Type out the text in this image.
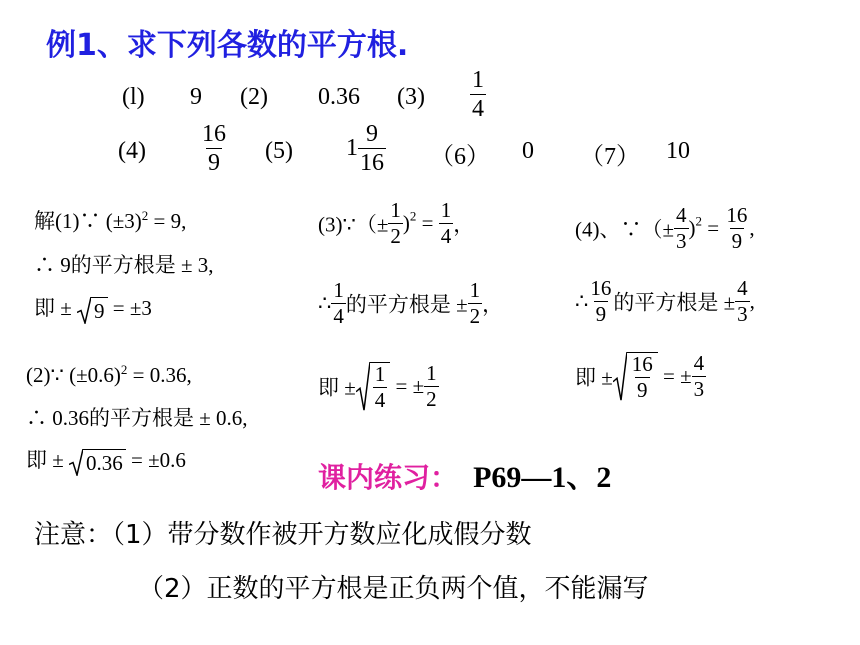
例1、求下列各数的平方根.
(l) 9 (2) 0.36 $(3) \frac{1}{4}$
$(4) \frac{16}{9} (5)$ $1 \frac{9}{16} (6)$ 0 （7） 10
解(1)∵ $(\pm 3)^2 = 9$,
∴ 9的平方根是 ± 3,
即 ± 9 = ±3
(2)∵ $(\pm 0.6)^2 = 0.36$,
∴ 0.36的平方根是 ± 0.6,
即 ± 0.36 = ±0.6
(3)∵（± $\frac{1}{2} )^2 = \frac{1}{4}$ ，
∴ $\frac{1}{4}$ 的平方根是 ± $\frac{1}{2}$ ，
即 ± $\frac{1}{4}$ = ± $\frac{1}{2}$
(4)、∵（± $\frac{4}{3} )^2 = \frac{16}{9}$ ,
∴ $\frac{16}{9}$ 的平方根是 ± $\frac{4}{3}$ ,
即 ± $\frac{16}{9}$ = ± $\frac{4}{3}$
课内练习： P69—1、2
注意：（1）带分数作被开方数应化成假分数
（2）正数的平方根是正负两个值，不能漏写
